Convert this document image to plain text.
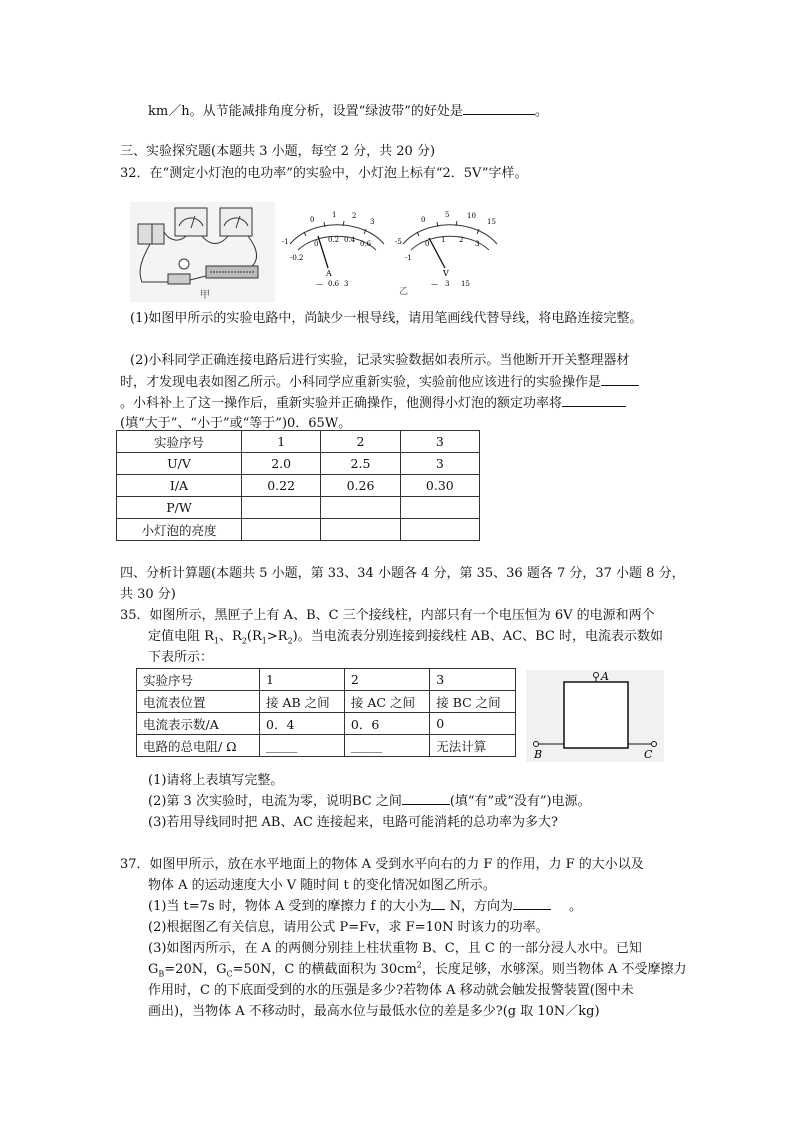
km／h。从节能减排角度分析，设置“绿波带”的好处是	。
三、实验探究题(本题共 3 小题，每空 2 分，共 20 分)
32．在“测定小灯泡的电功率”的实验中，小灯泡上标有“2．5V”字样。
甲
0
1 2
3
-1
-0.2
0 0.2 0.4 0.6
A
— 0.6 3
0
5	10
15
-5
-1
0 1 2 3
V
— 3 15
乙
(1)如图甲所示的实验电路中，尚缺少一根导线，请用笔画线代替导线，将电路连接完整。
(2)小科同学正确连接电路后进行实验，记录实验数据如表所示。当他断开开关整理器材
时，才发现电表如图乙所示。小科同学应重新实验，实验前他应该进行的实验操作是
。小科补上了这一操作后，重新实验并正确操作，他测得小灯泡的额定功率将
(填“大于”、“小于”或“等于”)0．65W。
实验序号	1	2	3
U/V	2.0	2.5	3
I/A	0.22	0.26	0.30
P/W			
小灯泡的亮度			
四、分析计算题(本题共 5 小题，第 33、34 小题各 4 分，第 35、36 题各 7 分，37 小题 8 分，
共 30 分)
35．如图所示，黑匣子上有 A、B、C 三个接线柱，内部只有一个电压恒为 6V 的电源和两个
定值电阻 $R_1$、$R_2(R_1>R_2)$。当电流表分别连接到接线柱 AB、AC、BC 时，电流表示数如
下表所示：
实验序号	1	2	3
电流表位置	接 AB 之间	接 AC 之间	接 BC 之间
电流表示数/A	0．4	0．6	0
电路的总电阻/ Ω	_____	_____	无法计算
A
B	C
(1)请将上表填写完整。
(2)第 3 次实验时，电流为零，说明BC 之间	(填“有”或“没有”)电源。
(3)若用导线同时把 AB、AC 连接起来，电路可能消耗的总功率为多大?
37．如图甲所示，放在水平地面上的物体 A 受到水平向右的力 F 的作用，力 F 的大小以及
物体 A 的运动速度大小 V 随时间 t 的变化情况如图乙所示。
(1)当 t=7s 时，物体 A 受到的摩擦力 f 的大小为 N，方向为	。
(2)根据图乙有关信息，请用公式 P=Fv，求 F=10N 时该力的功率。
(3)如图丙所示，在 A 的两侧分别挂上柱状重物 B、C，且 C 的一部分浸人水中。已知
$G_B=20N$，$G_C=50N$，C 的横截面积为 $30cm^2$，长度足够，水够深。则当物体 A 不受摩擦力
作用时，C 的下底面受到的水的压强是多少?若物体 A 移动就会触发报警装置(图中未
画出)，当物体 A 不移动时，最高水位与最低水位的差是多少?(g 取 10N／kg)
